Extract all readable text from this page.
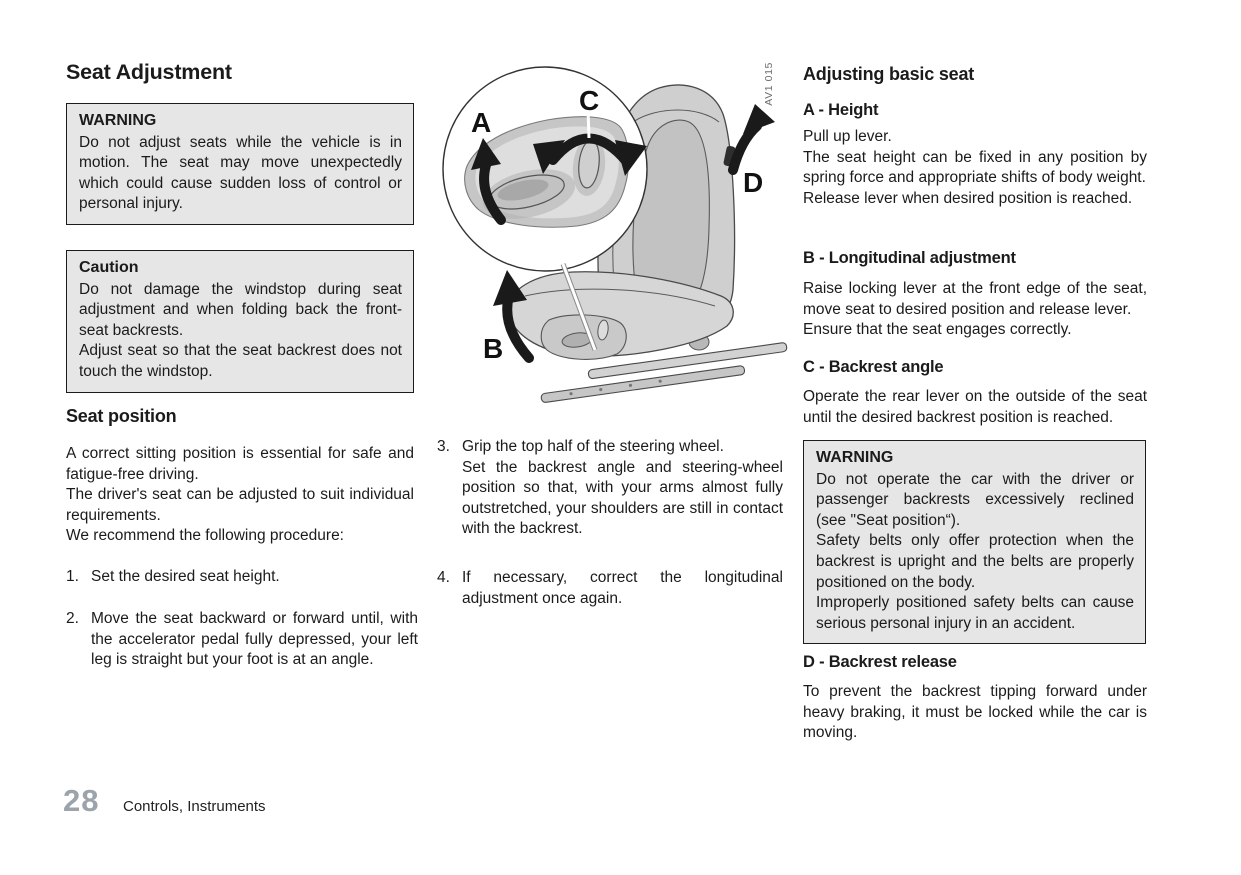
Seat Adjustment
WARNING
Do not adjust seats while the vehicle is in motion. The seat may move unexpectedly which could cause sudden loss of control or personal injury.
Caution
Do not damage the windstop during seat adjustment and when folding back the front-seat backrests.
Adjust seat so that the seat backrest does not touch the windstop.
Seat position
A correct sitting position is essential for safe and fatigue-free driving.
The driver's seat can be adjusted to suit individual requirements.
We recommend the following procedure:
1. Set the desired seat height.
2. Move the seat backward or forward until, with the accelerator pedal fully depressed, your left leg is straight but your foot is at an angle.
D
B
A
C	AV1 015
3. Grip the top half of the steering wheel.
Set the backrest angle and steering-wheel position so that, with your arms almost fully outstretched, your shoulders are still in contact with the backrest.
4. If necessary, correct the longitudinal adjustment once again.
Adjusting basic seat
A - Height
Pull up lever.
The seat height can be fixed in any position by spring force and appropriate shifts of body weight.
Release lever when desired position is reached.
B - Longitudinal adjustment
Raise locking lever at the front edge of the seat, move seat to desired position and release lever.
Ensure that the seat engages correctly.
C - Backrest angle
Operate the rear lever on the outside of the seat until the desired backrest position is reached.
WARNING
Do not operate the car with the driver or passenger backrests excessively reclined (see "Seat position“).
Safety belts only offer protection when the backrest is upright and the belts are properly positioned on the body.
Improperly positioned safety belts can cause serious personal injury in an accident.
D - Backrest release
To prevent the backrest tipping forward under heavy braking, it must be locked while the car is moving.
28 Controls, Instruments
